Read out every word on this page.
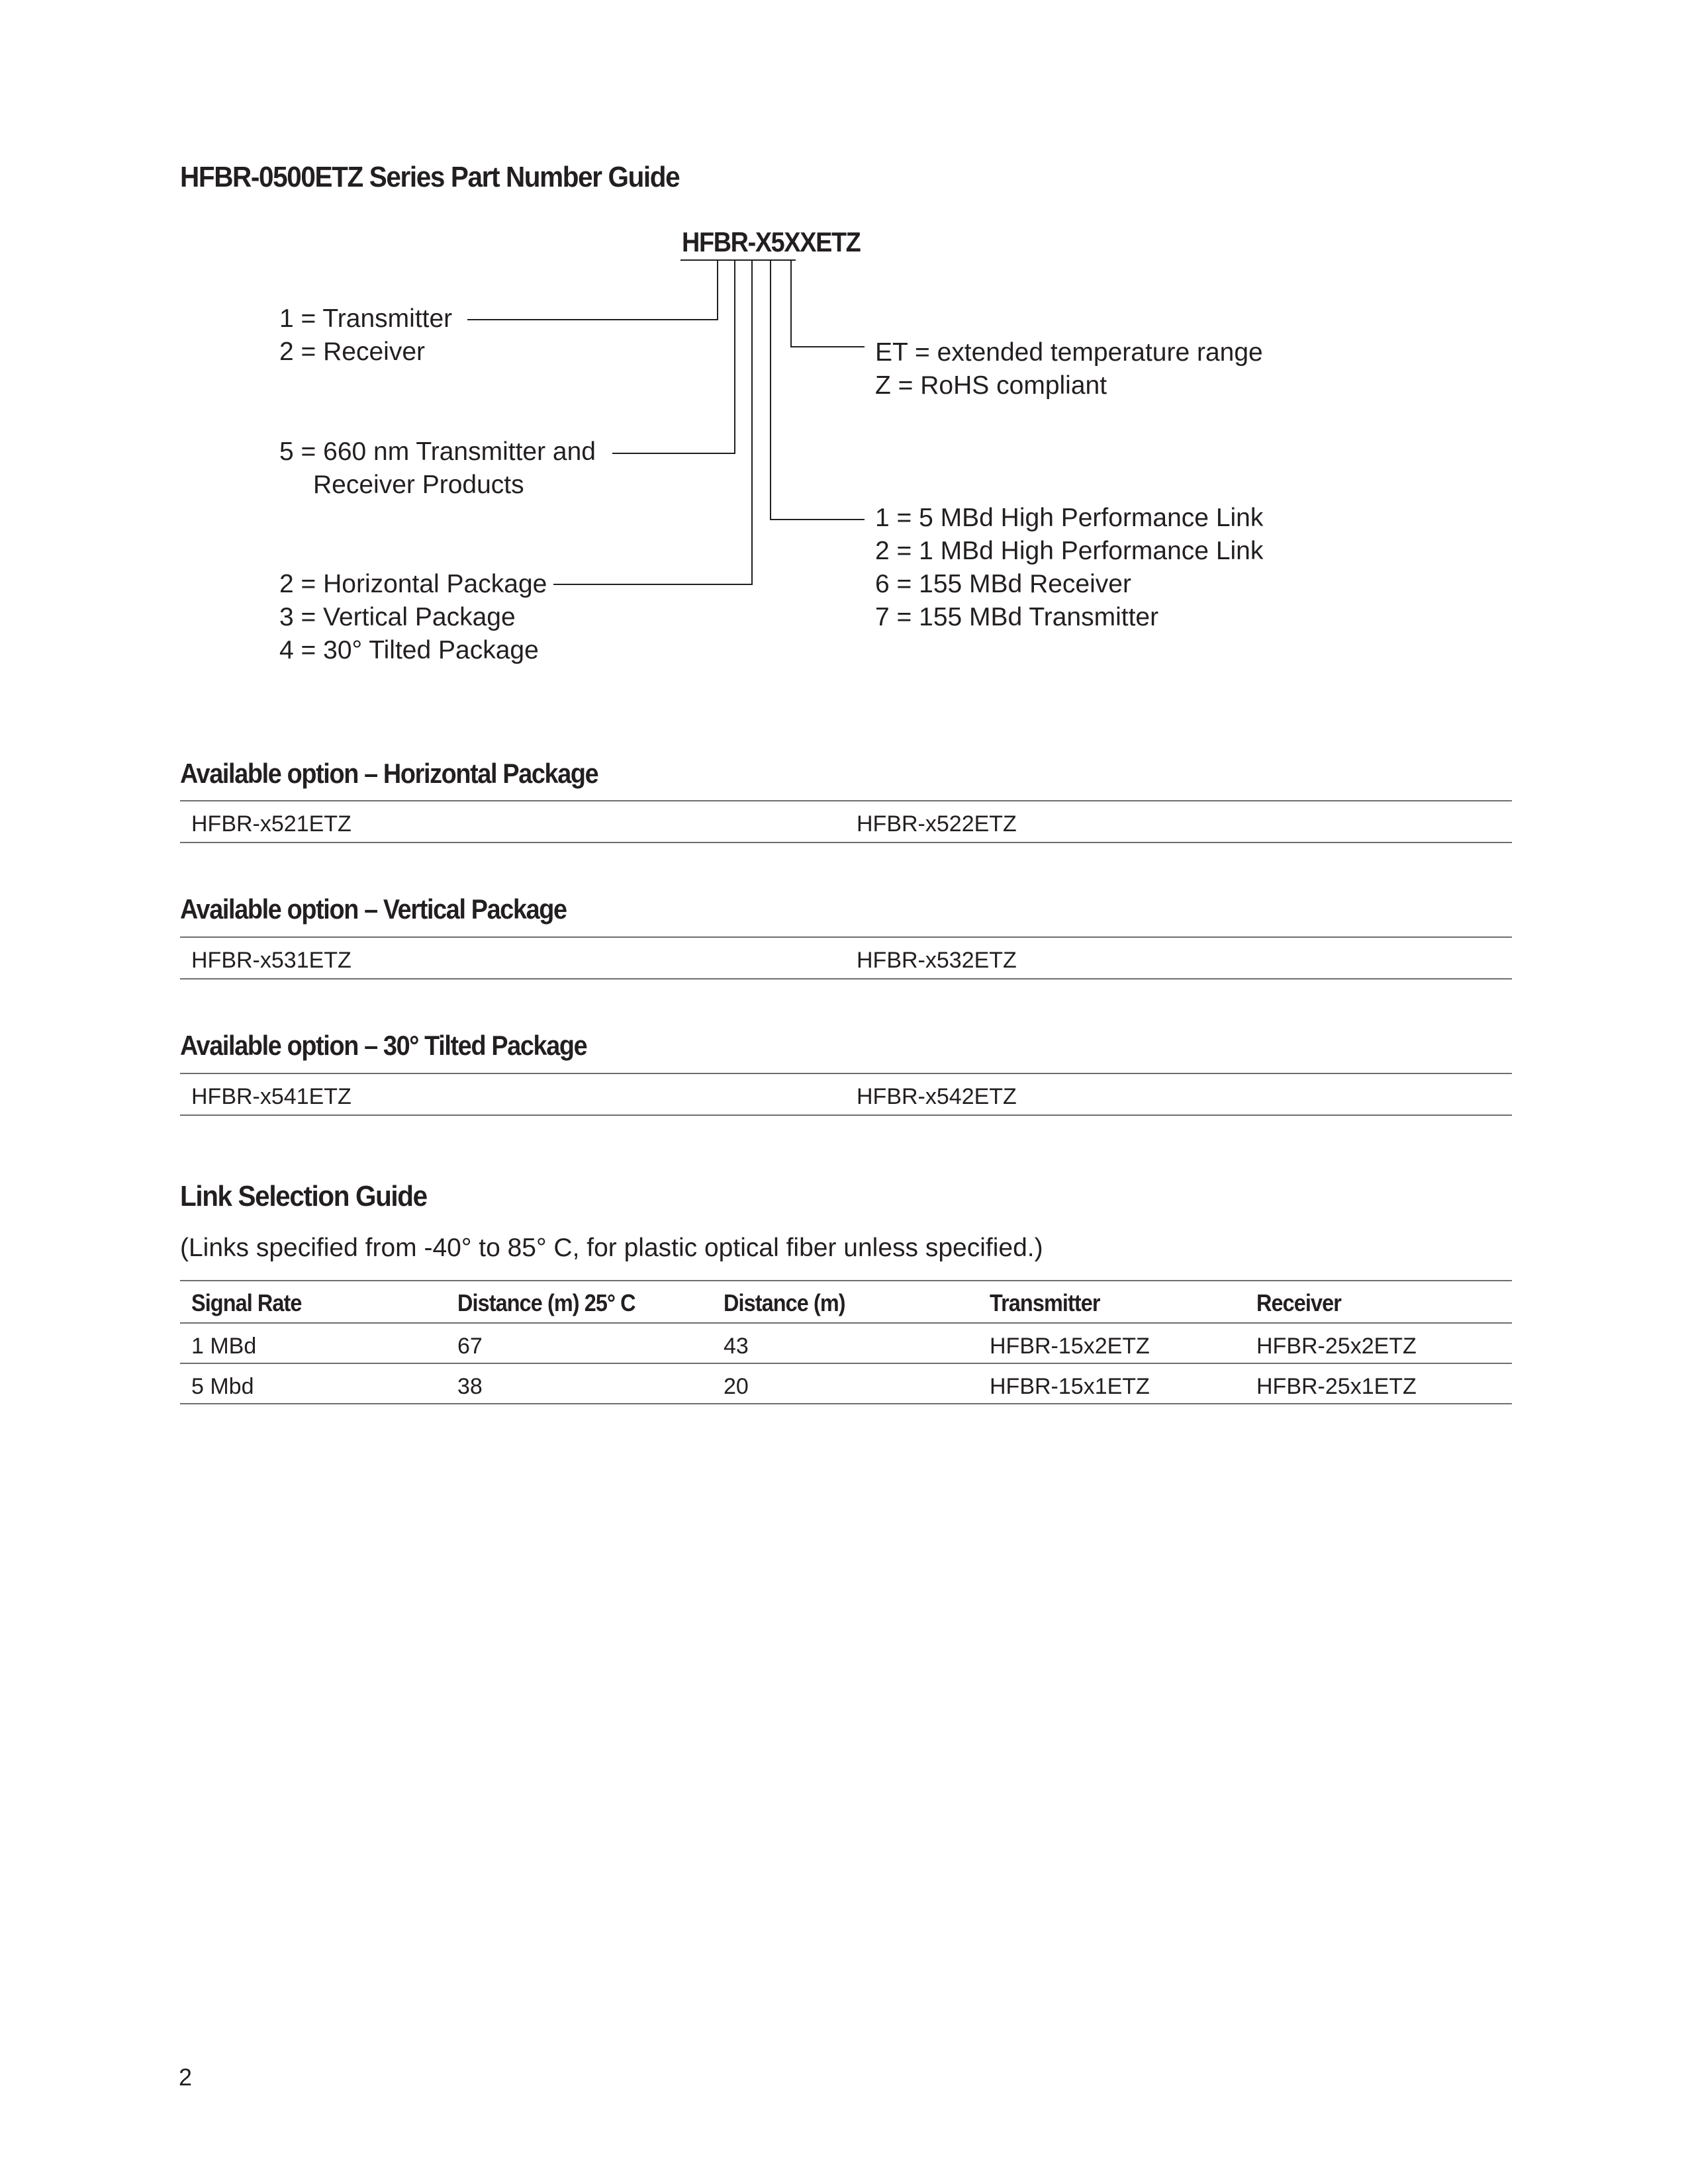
HFBR-0500ETZ Series Part Number Guide
HFBR-X5XXETZ
1 = Transmitter
2 = Receiver
5 = 660 nm Transmitter and
Receiver Products
2 = Horizontal Package
3 = Vertical Package
4 = 30° Tilted Package
ET = extended temperature range
Z = RoHS compliant
1 = 5 MBd High Performance Link
2 = 1 MBd High Performance Link
6 = 155 MBd Receiver
7 = 155 MBd Transmitter
Available option – Horizontal Package
HFBR-x521ETZ	HFBR-x522ETZ
Available option – Vertical Package
HFBR-x531ETZ	HFBR-x532ETZ
Available option – 30° Tilted Package
HFBR-x541ETZ	HFBR-x542ETZ
Link Selection Guide
(Links specified from -40° to 85° C, for plastic optical fiber unless specified.)
Signal Rate	Distance (m) 25° C	Distance (m)	Transmitter	Receiver
1 MBd	67	43	HFBR-15x2ETZ	HFBR-25x2ETZ
5 Mbd	38	20	HFBR-15x1ETZ	HFBR-25x1ETZ
2
